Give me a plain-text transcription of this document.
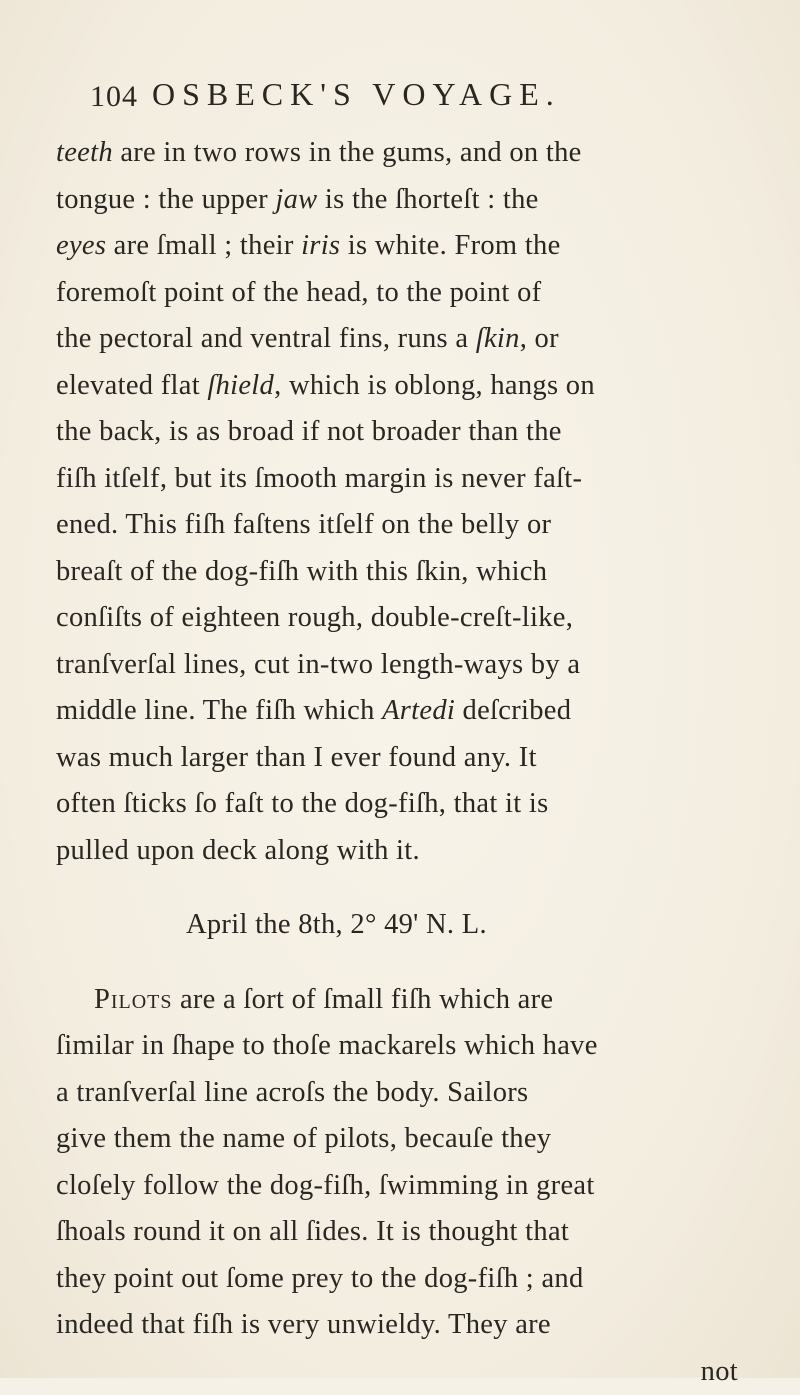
104 OSBECK'S VOYAGE.
teeth are in two rows in the gums, and on the
tongue : the upper jaw is the ſhorteſt : the
eyes are ſmall ; their iris is white. From the
foremoſt point of the head, to the point of
the pectoral and ventral fins, runs a ſkin, or
elevated flat ſhield, which is oblong, hangs on
the back, is as broad if not broader than the
fiſh itſelf, but its ſmooth margin is never faſt-
ened. This fiſh faſtens itſelf on the belly or
breaſt of the dog-fiſh with this ſkin, which
conſiſts of eighteen rough, double-creſt-like,
tranſverſal lines, cut in-two length-ways by a
middle line. The fiſh which Artedi deſcribed
was much larger than I ever found any. It
often ſticks ſo faſt to the dog-fiſh, that it is
pulled upon deck along with it.
April the 8th, 2° 49' N. L.
Pilots are a ſort of ſmall fiſh which are
ſimilar in ſhape to thoſe mackarels which have
a tranſverſal line acroſs the body. Sailors
give them the name of pilots, becauſe they
cloſely follow the dog-fiſh, ſwimming in great
ſhoals round it on all ſides. It is thought that
they point out ſome prey to the dog-fiſh ; and
indeed that fiſh is very unwieldy. They are
not
